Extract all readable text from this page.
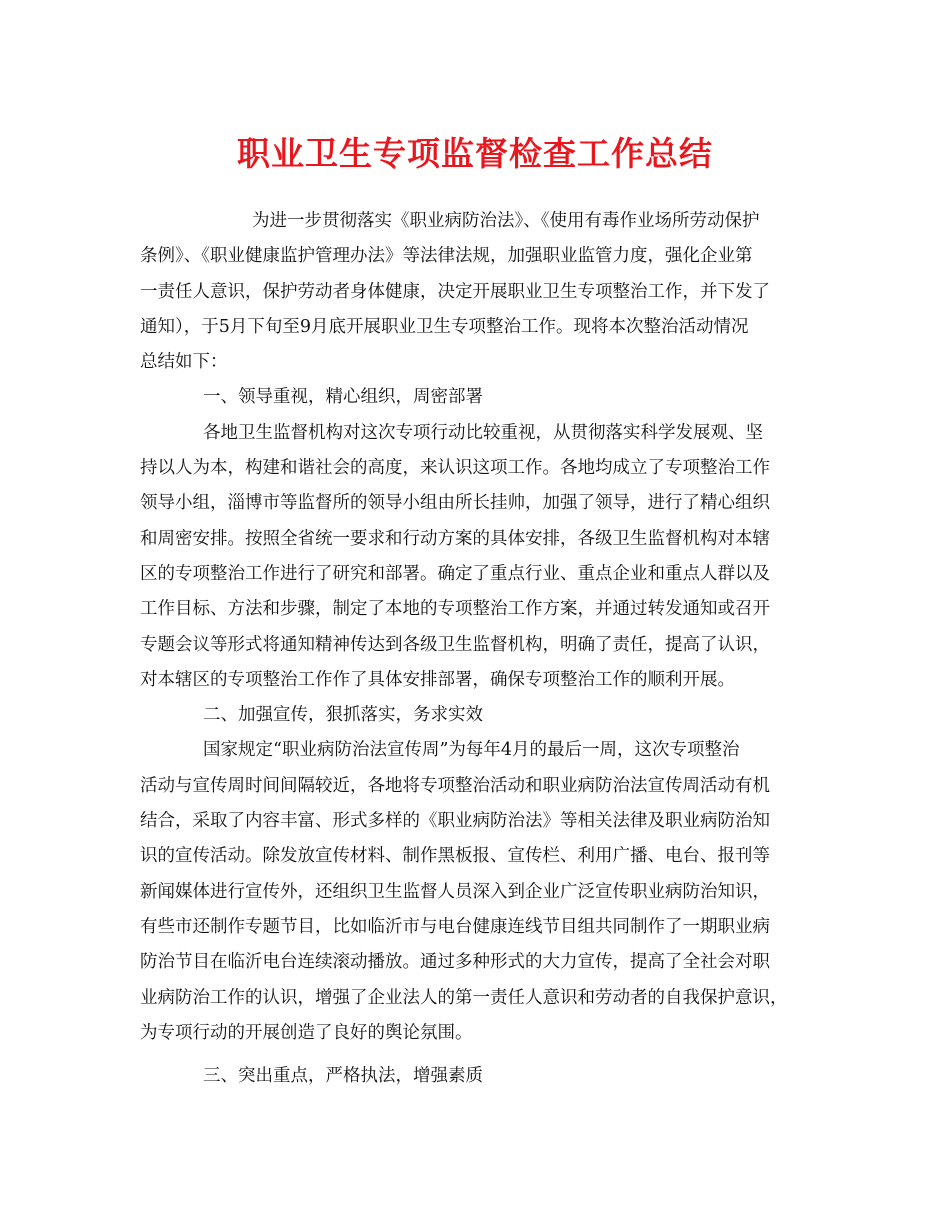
职业卫生专项监督检查工作总结
为进一步贯彻落实《职业病防治法》、《使用有毒作业场所劳动保护
条例》、《职业健康监护管理办法》等法律法规，加强职业监管力度，强化企业第
一责任人意识，保护劳动者身体健康，决定开展职业卫生专项整治工作，并下发了
通知），于5月下旬至9月底开展职业卫生专项整治工作。现将本次整治活动情况
总结如下：
一、领导重视，精心组织，周密部署
各地卫生监督机构对这次专项行动比较重视，从贯彻落实科学发展观、坚
持以人为本，构建和谐社会的高度，来认识这项工作。各地均成立了专项整治工作
领导小组，淄博市等监督所的领导小组由所长挂帅，加强了领导，进行了精心组织
和周密安排。按照全省统一要求和行动方案的具体安排，各级卫生监督机构对本辖
区的专项整治工作进行了研究和部署。确定了重点行业、重点企业和重点人群以及
工作目标、方法和步骤，制定了本地的专项整治工作方案，并通过转发通知或召开
专题会议等形式将通知精神传达到各级卫生监督机构，明确了责任，提高了认识，
对本辖区的专项整治工作作了具体安排部署，确保专项整治工作的顺利开展。
二、加强宣传，狠抓落实，务求实效
国家规定“职业病防治法宣传周”为每年4月的最后一周，这次专项整治
活动与宣传周时间间隔较近，各地将专项整治活动和职业病防治法宣传周活动有机
结合，采取了内容丰富、形式多样的《职业病防治法》等相关法律及职业病防治知
识的宣传活动。除发放宣传材料、制作黑板报、宣传栏、利用广播、电台、报刊等
新闻媒体进行宣传外，还组织卫生监督人员深入到企业广泛宣传职业病防治知识，
有些市还制作专题节目，比如临沂市与电台健康连线节目组共同制作了一期职业病
防治节目在临沂电台连续滚动播放。通过多种形式的大力宣传，提高了全社会对职
业病防治工作的认识，增强了企业法人的第一责任人意识和劳动者的自我保护意识，
为专项行动的开展创造了良好的舆论氛围。
三、突出重点，严格执法，增强素质
